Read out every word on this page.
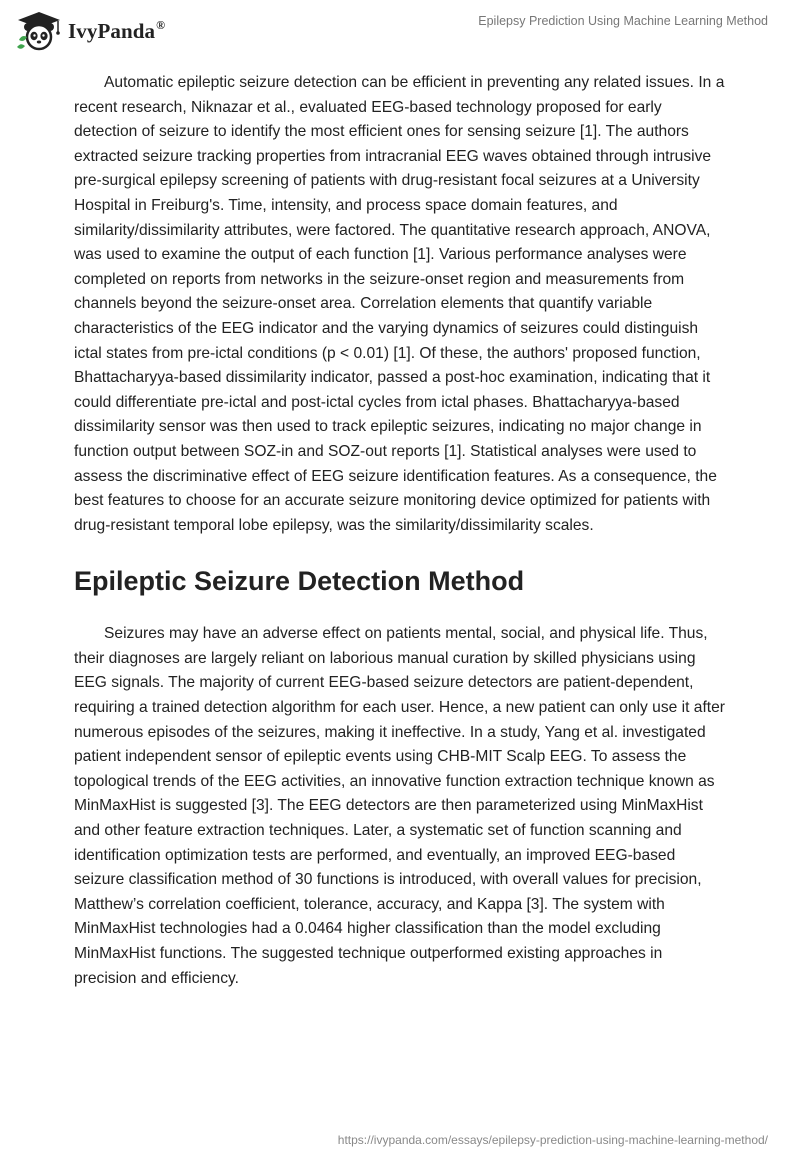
IvyPanda®	Epilepsy Prediction Using Machine Learning Method

Automatic epileptic seizure detection can be efficient in preventing any related issues. In a recent research, Niknazar et al., evaluated EEG-based technology proposed for early detection of seizure to identify the most efficient ones for sensing seizure [1]. The authors extracted seizure tracking properties from intracranial EEG waves obtained through intrusive pre-surgical epilepsy screening of patients with drug-resistant focal seizures at a University Hospital in Freiburg's. Time, intensity, and process space domain features, and similarity/dissimilarity attributes, were factored. The quantitative research approach, ANOVA, was used to examine the output of each function [1]. Various performance analyses were completed on reports from networks in the seizure-onset region and measurements from channels beyond the seizure-onset area. Correlation elements that quantify variable characteristics of the EEG indicator and the varying dynamics of seizures could distinguish ictal states from pre-ictal conditions (p < 0.01) [1]. Of these, the authors' proposed function, Bhattacharyya-based dissimilarity indicator, passed a post-hoc examination, indicating that it could differentiate pre-ictal and post-ictal cycles from ictal phases. Bhattacharyya-based dissimilarity sensor was then used to track epileptic seizures, indicating no major change in function output between SOZ-in and SOZ-out reports [1]. Statistical analyses were used to assess the discriminative effect of EEG seizure identification features. As a consequence, the best features to choose for an accurate seizure monitoring device optimized for patients with drug-resistant temporal lobe epilepsy, was the similarity/dissimilarity scales.

Epileptic Seizure Detection Method

Seizures may have an adverse effect on patients mental, social, and physical life. Thus, their diagnoses are largely reliant on laborious manual curation by skilled physicians using EEG signals. The majority of current EEG-based seizure detectors are patient-dependent, requiring a trained detection algorithm for each user. Hence, a new patient can only use it after numerous episodes of the seizures, making it ineffective. In a study, Yang et al. investigated patient independent sensor of epileptic events using CHB-MIT Scalp EEG. To assess the topological trends of the EEG activities, an innovative function extraction technique known as MinMaxHist is suggested [3]. The EEG detectors are then parameterized using MinMaxHist and other feature extraction techniques. Later, a systematic set of function scanning and identification optimization tests are performed, and eventually, an improved EEG-based seizure classification method of 30 functions is introduced, with overall values for precision, Matthew’s correlation coefficient, tolerance, accuracy, and Kappa [3]. The system with MinMaxHist technologies had a 0.0464 higher classification than the model excluding MinMaxHist functions. The suggested technique outperformed existing approaches in precision and efficiency.

https://ivypanda.com/essays/epilepsy-prediction-using-machine-learning-method/
